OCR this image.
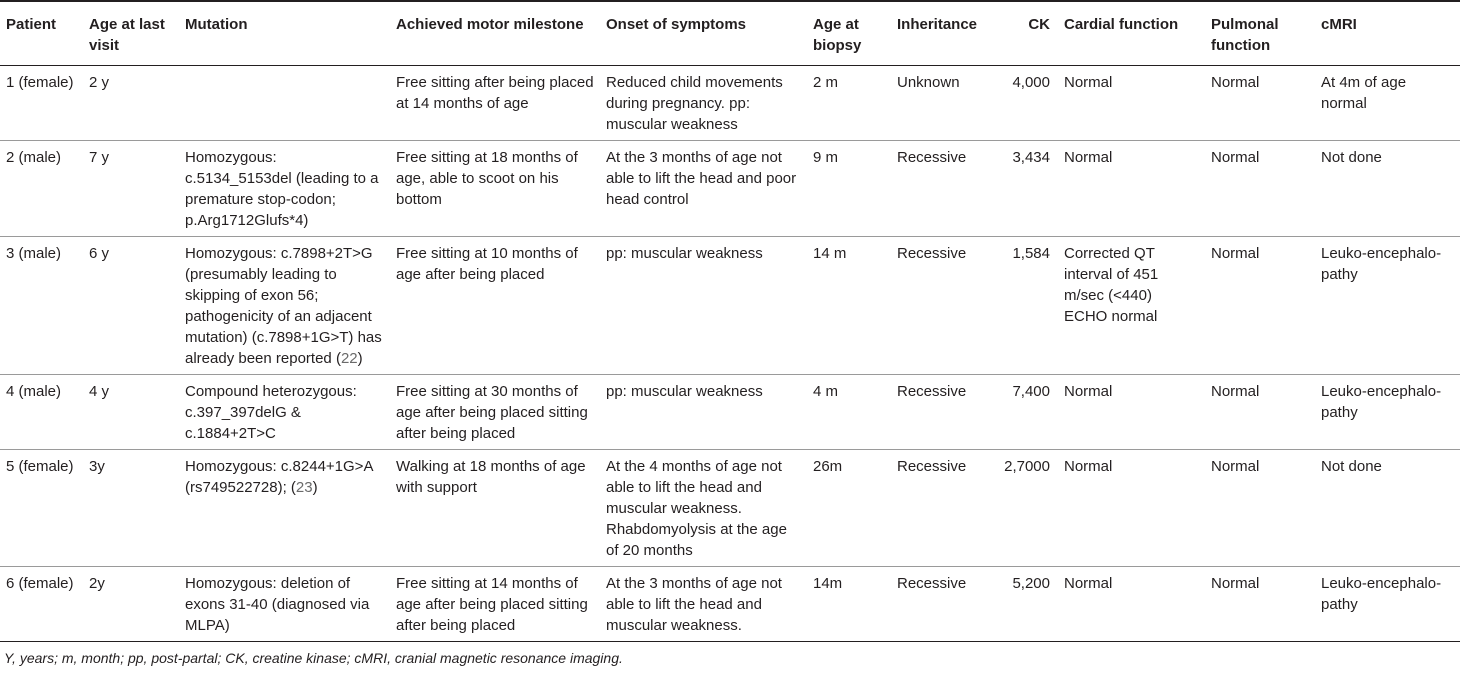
Patient	Age at last visit	Mutation	Achieved motor milestone	Onset of symptoms	Age at biopsy	Inheritance	CK	Cardial function	Pulmonal function	cMRI
1 (female)	2 y		Free sitting after being placed at 14 months of age	Reduced child movements during pregnancy. pp: muscular weakness	2 m	Unknown	4,000	Normal	Normal	At 4m of age normal
2 (male)	7 y	Homozygous: c.5134_5153del (leading to a premature stop-codon; p.Arg1712Glufs*4)	Free sitting at 18 months of age, able to scoot on his bottom	At the 3 months of age not able to lift the head and poor head control	9 m	Recessive	3,434	Normal	Normal	Not done
3 (male)	6 y	Homozygous: c.7898+2T>G (presumably leading to skipping of exon 56; pathogenicity of an adjacent mutation) (c.7898+1G>T) has already been reported (22)	Free sitting at 10 months of age after being placed	pp: muscular weakness	14 m	Recessive	1,584	Corrected QT interval of 451 m/sec (<440) ECHO normal	Normal	Leuko-encephalo-pathy
4 (male)	4 y	Compound heterozygous: c.397_397delG & c.1884+2T>C	Free sitting at 30 months of age after being placed sitting after being placed	pp: muscular weakness	4 m	Recessive	7,400	Normal	Normal	Leuko-encephalo-pathy
5 (female)	3y	Homozygous: c.8244+1G>A (rs749522728); (23)	Walking at 18 months of age with support	At the 4 months of age not able to lift the head and muscular weakness. Rhabdomyolysis at the age of 20 months	26m	Recessive	2,7000	Normal	Normal	Not done
6 (female)	2y	Homozygous: deletion of exons 31-40 (diagnosed via MLPA)	Free sitting at 14 months of age after being placed sitting after being placed	At the 3 months of age not able to lift the head and muscular weakness.	14m	Recessive	5,200	Normal	Normal	Leuko-encephalo-pathy
Y, years; m, month; pp, post-partal; CK, creatine kinase; cMRI, cranial magnetic resonance imaging.
